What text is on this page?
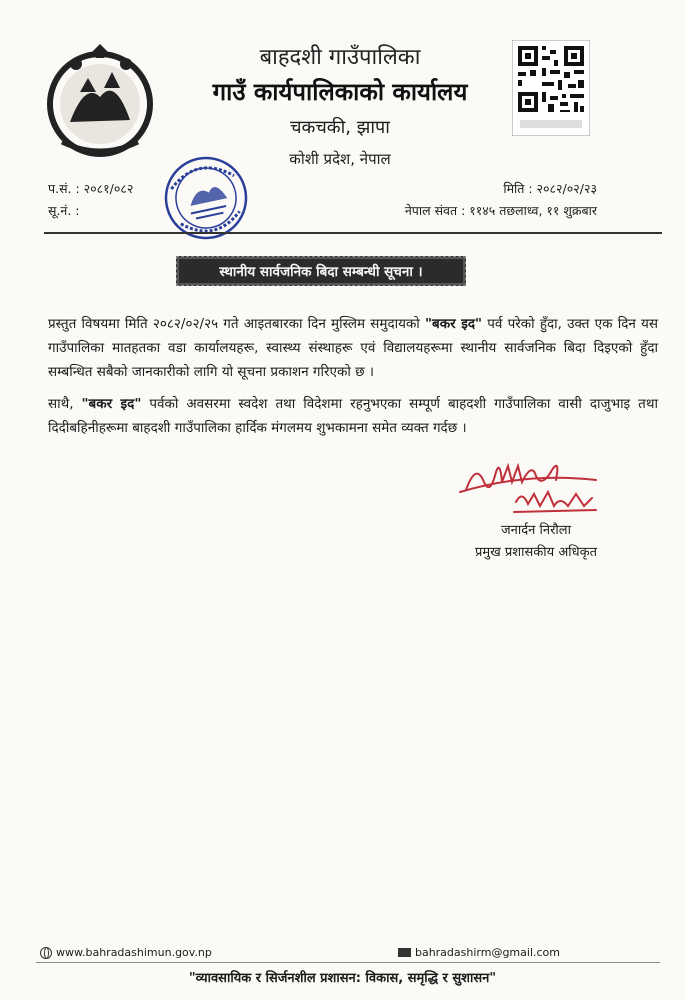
बाहदशी गाउँपालिका
गाउँ कार्यपालिकाको कार्यालय
चकचकी, झापा
कोशी प्रदेश, नेपाल
प.सं. : २०८१/०८२
सू.नं. :
मिति : २०८२/०२/२३
नेपाल संवत : ११४५ तछलाध्व, ११ शुक्रबार
स्थानीय सार्वजनिक बिदा सम्बन्धी सूचना ।

प्रस्तुत विषयमा मिति २०८२/०२/२५ गते आइतबारका दिन मुस्लिम समुदायको "बकर इद" पर्व परेको हुँदा, उक्त एक दिन यस गाउँपालिका मातहतका वडा कार्यालयहरू, स्वास्थ्य संस्थाहरू एवं विद्यालयहरूमा स्थानीय सार्वजनिक बिदा दिइएको हुँदा सम्बन्धित सबैको जानकारीको लागि यो सूचना प्रकाशन गरिएको छ ।

साथै, "बकर इद" पर्वको अवसरमा स्वदेश तथा विदेशमा रहनुभएका सम्पूर्ण बाहदशी गाउँपालिका वासी दाजुभाइ तथा दिदीबहिनीहरूमा बाहदशी गाउँपालिका हार्दिक मंगलमय शुभकामना समेत व्यक्त गर्दछ ।

जनार्दन निरौला
प्रमुख प्रशासकीय अधिकृत
www.bahradashimun.gov.np	bahradashirm@gmail.com
"व्यावसायिक र सिर्जनशील प्रशासन: विकास, समृद्धि र सुशासन"
